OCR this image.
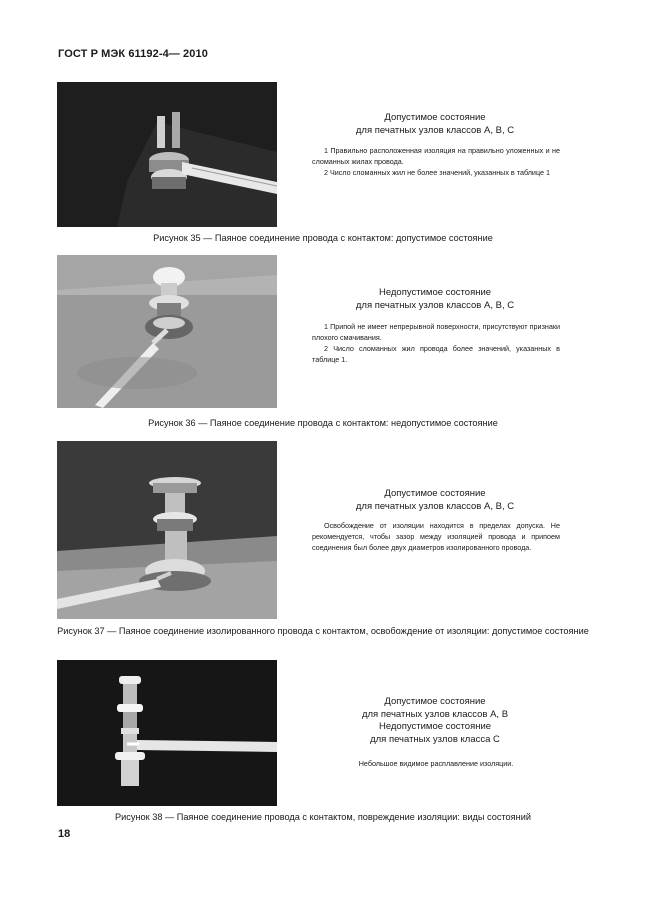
ГОСТ Р МЭК 61192-4— 2010
Допустимое состояние
для печатных узлов классов А, В, С

1 Правильно расположенная изоляция на правильно уложенных и не сломанных жилах провода.

2 Число сломанных жил не более значений, указанных в таблице 1

Рисунок 35 — Паяное соединение провода с контактом: допустимое состояние
Недопустимое состояние
для печатных узлов классов А, В, С

1 Припой не имеет непрерывной поверхности, присутствуют признаки плохого смачивания.

2 Число сломанных жил провода более значений, указанных в таблице 1.

Рисунок 36 — Паяное соединение провода с контактом: недопустимое состояние
Допустимое состояние
для печатных узлов классов А, В, С

Освобождение от изоляции находится в пределах допуска. Не рекомендуется, чтобы зазор между изоляцией провода и припоем соединения был более двух диаметров изолированного провода.

Рисунок 37 — Паяное соединение изолированного провода с контактом, освобождение от изоляции: допустимое состояние
Допустимое состояние
для печатных узлов классов А, В
Недопустимое состояние
для печатных узлов класса С

Небольшое видимое расплавление изоляции.

Рисунок 38 — Паяное соединение провода с контактом, повреждение изоляции: виды состояний
18
